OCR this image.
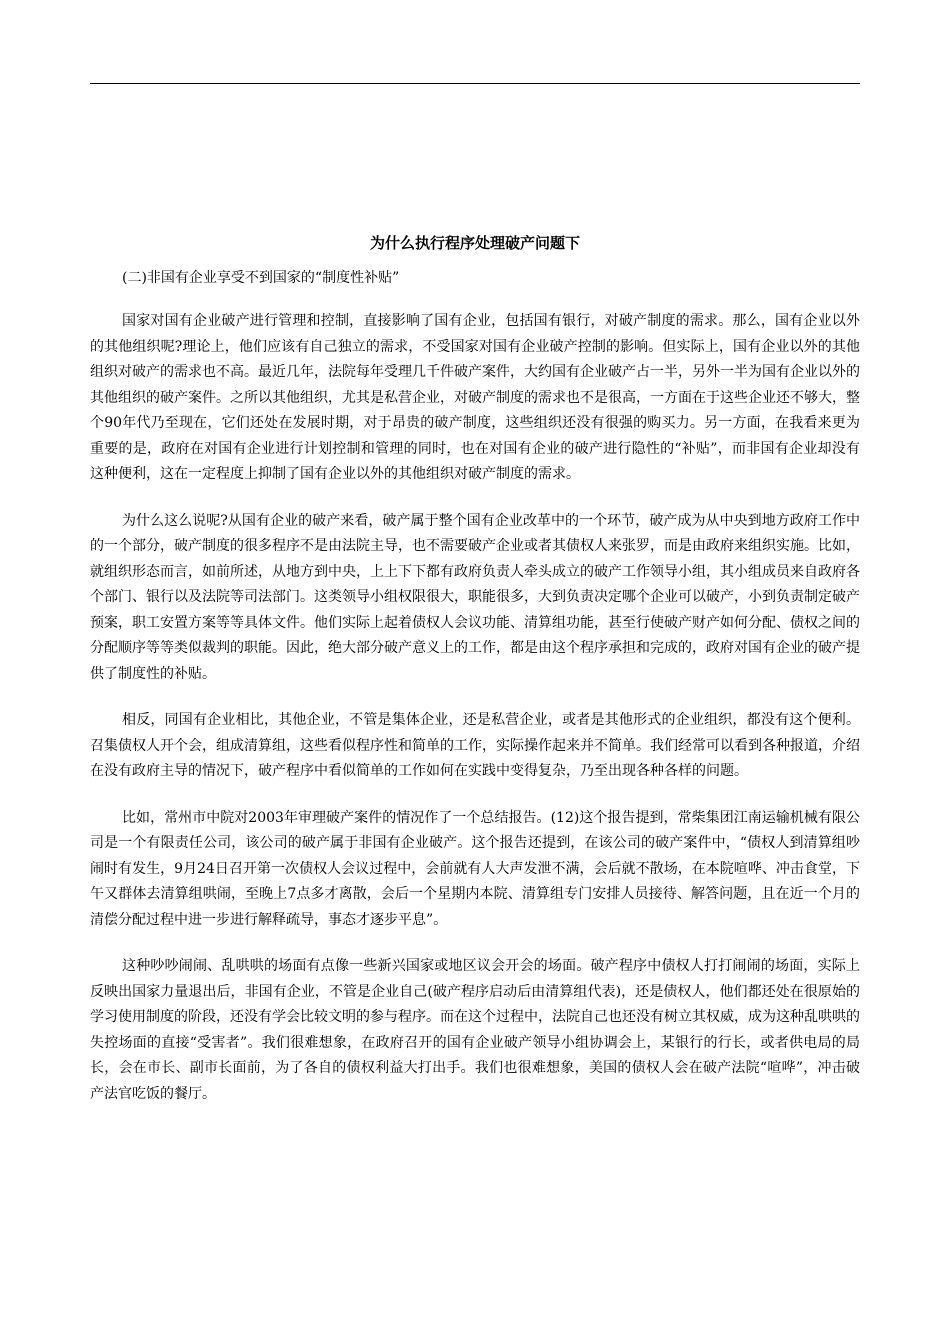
为什么执行程序处理破产问题下

(二)非国有企业享受不到国家的“制度性补贴”

国家对国有企业破产进行管理和控制，直接影响了国有企业，包括国有银行，对破产制度的需求。那么，国有企业以外的其他组织呢?理论上，他们应该有自己独立的需求，不受国家对国有企业破产控制的影响。但实际上，国有企业以外的其他组织对破产的需求也不高。最近几年，法院每年受理几千件破产案件，大约国有企业破产占一半，另外一半为国有企业以外的其他组织的破产案件。之所以其他组织，尤其是私营企业，对破产制度的需求也不是很高，一方面在于这些企业还不够大，整个90年代乃至现在，它们还处在发展时期，对于昂贵的破产制度，这些组织还没有很强的购买力。另一方面，在我看来更为重要的是，政府在对国有企业进行计划控制和管理的同时，也在对国有企业的破产进行隐性的“补贴”，而非国有企业却没有这种便利，这在一定程度上抑制了国有企业以外的其他组织对破产制度的需求。

为什么这么说呢?从国有企业的破产来看，破产属于整个国有企业改革中的一个环节，破产成为从中央到地方政府工作中的一个部分，破产制度的很多程序不是由法院主导，也不需要破产企业或者其债权人来张罗，而是由政府来组织实施。比如，就组织形态而言，如前所述，从地方到中央，上上下下都有政府负责人牵头成立的破产工作领导小组，其小组成员来自政府各个部门、银行以及法院等司法部门。这类领导小组权限很大，职能很多，大到负责决定哪个企业可以破产，小到负责制定破产预案，职工安置方案等等具体文件。他们实际上起着债权人会议功能、清算组功能，甚至行使破产财产如何分配、债权之间的分配顺序等等类似裁判的职能。因此，绝大部分破产意义上的工作，都是由这个程序承担和完成的，政府对国有企业的破产提供了制度性的补贴。

相反，同国有企业相比，其他企业，不管是集体企业，还是私营企业，或者是其他形式的企业组织，都没有这个便利。召集债权人开个会，组成清算组，这些看似程序性和简单的工作，实际操作起来并不简单。我们经常可以看到各种报道，介绍在没有政府主导的情况下，破产程序中看似简单的工作如何在实践中变得复杂，乃至出现各种各样的问题。

比如，常州市中院对2003年审理破产案件的情况作了一个总结报告。(12)这个报告提到，常柴集团江南运输机械有限公司是一个有限责任公司，该公司的破产属于非国有企业破产。这个报告还提到，在该公司的破产案件中，“债权人到清算组吵闹时有发生，9月24日召开第一次债权人会议过程中，会前就有人大声发泄不满，会后就不散场，在本院喧哗、冲击食堂，下午又群体去清算组哄闹，至晚上7点多才离散，会后一个星期内本院、清算组专门安排人员接待、解答问题，且在近一个月的清偿分配过程中进一步进行解释疏导，事态才逐步平息”。

这种吵吵闹闹、乱哄哄的场面有点像一些新兴国家或地区议会开会的场面。破产程序中债权人打打闹闹的场面，实际上反映出国家力量退出后，非国有企业，不管是企业自己(破产程序启动后由清算组代表)，还是债权人，他们都还处在很原始的学习使用制度的阶段，还没有学会比较文明的参与程序。而在这个过程中，法院自己也还没有树立其权威，成为这种乱哄哄的失控场面的直接“受害者”。我们很难想象，在政府召开的国有企业破产领导小组协调会上，某银行的行长，或者供电局的局长，会在市长、副市长面前，为了各自的债权利益大打出手。我们也很难想象，美国的债权人会在破产法院“喧哗”，冲击破产法官吃饭的餐厅。
